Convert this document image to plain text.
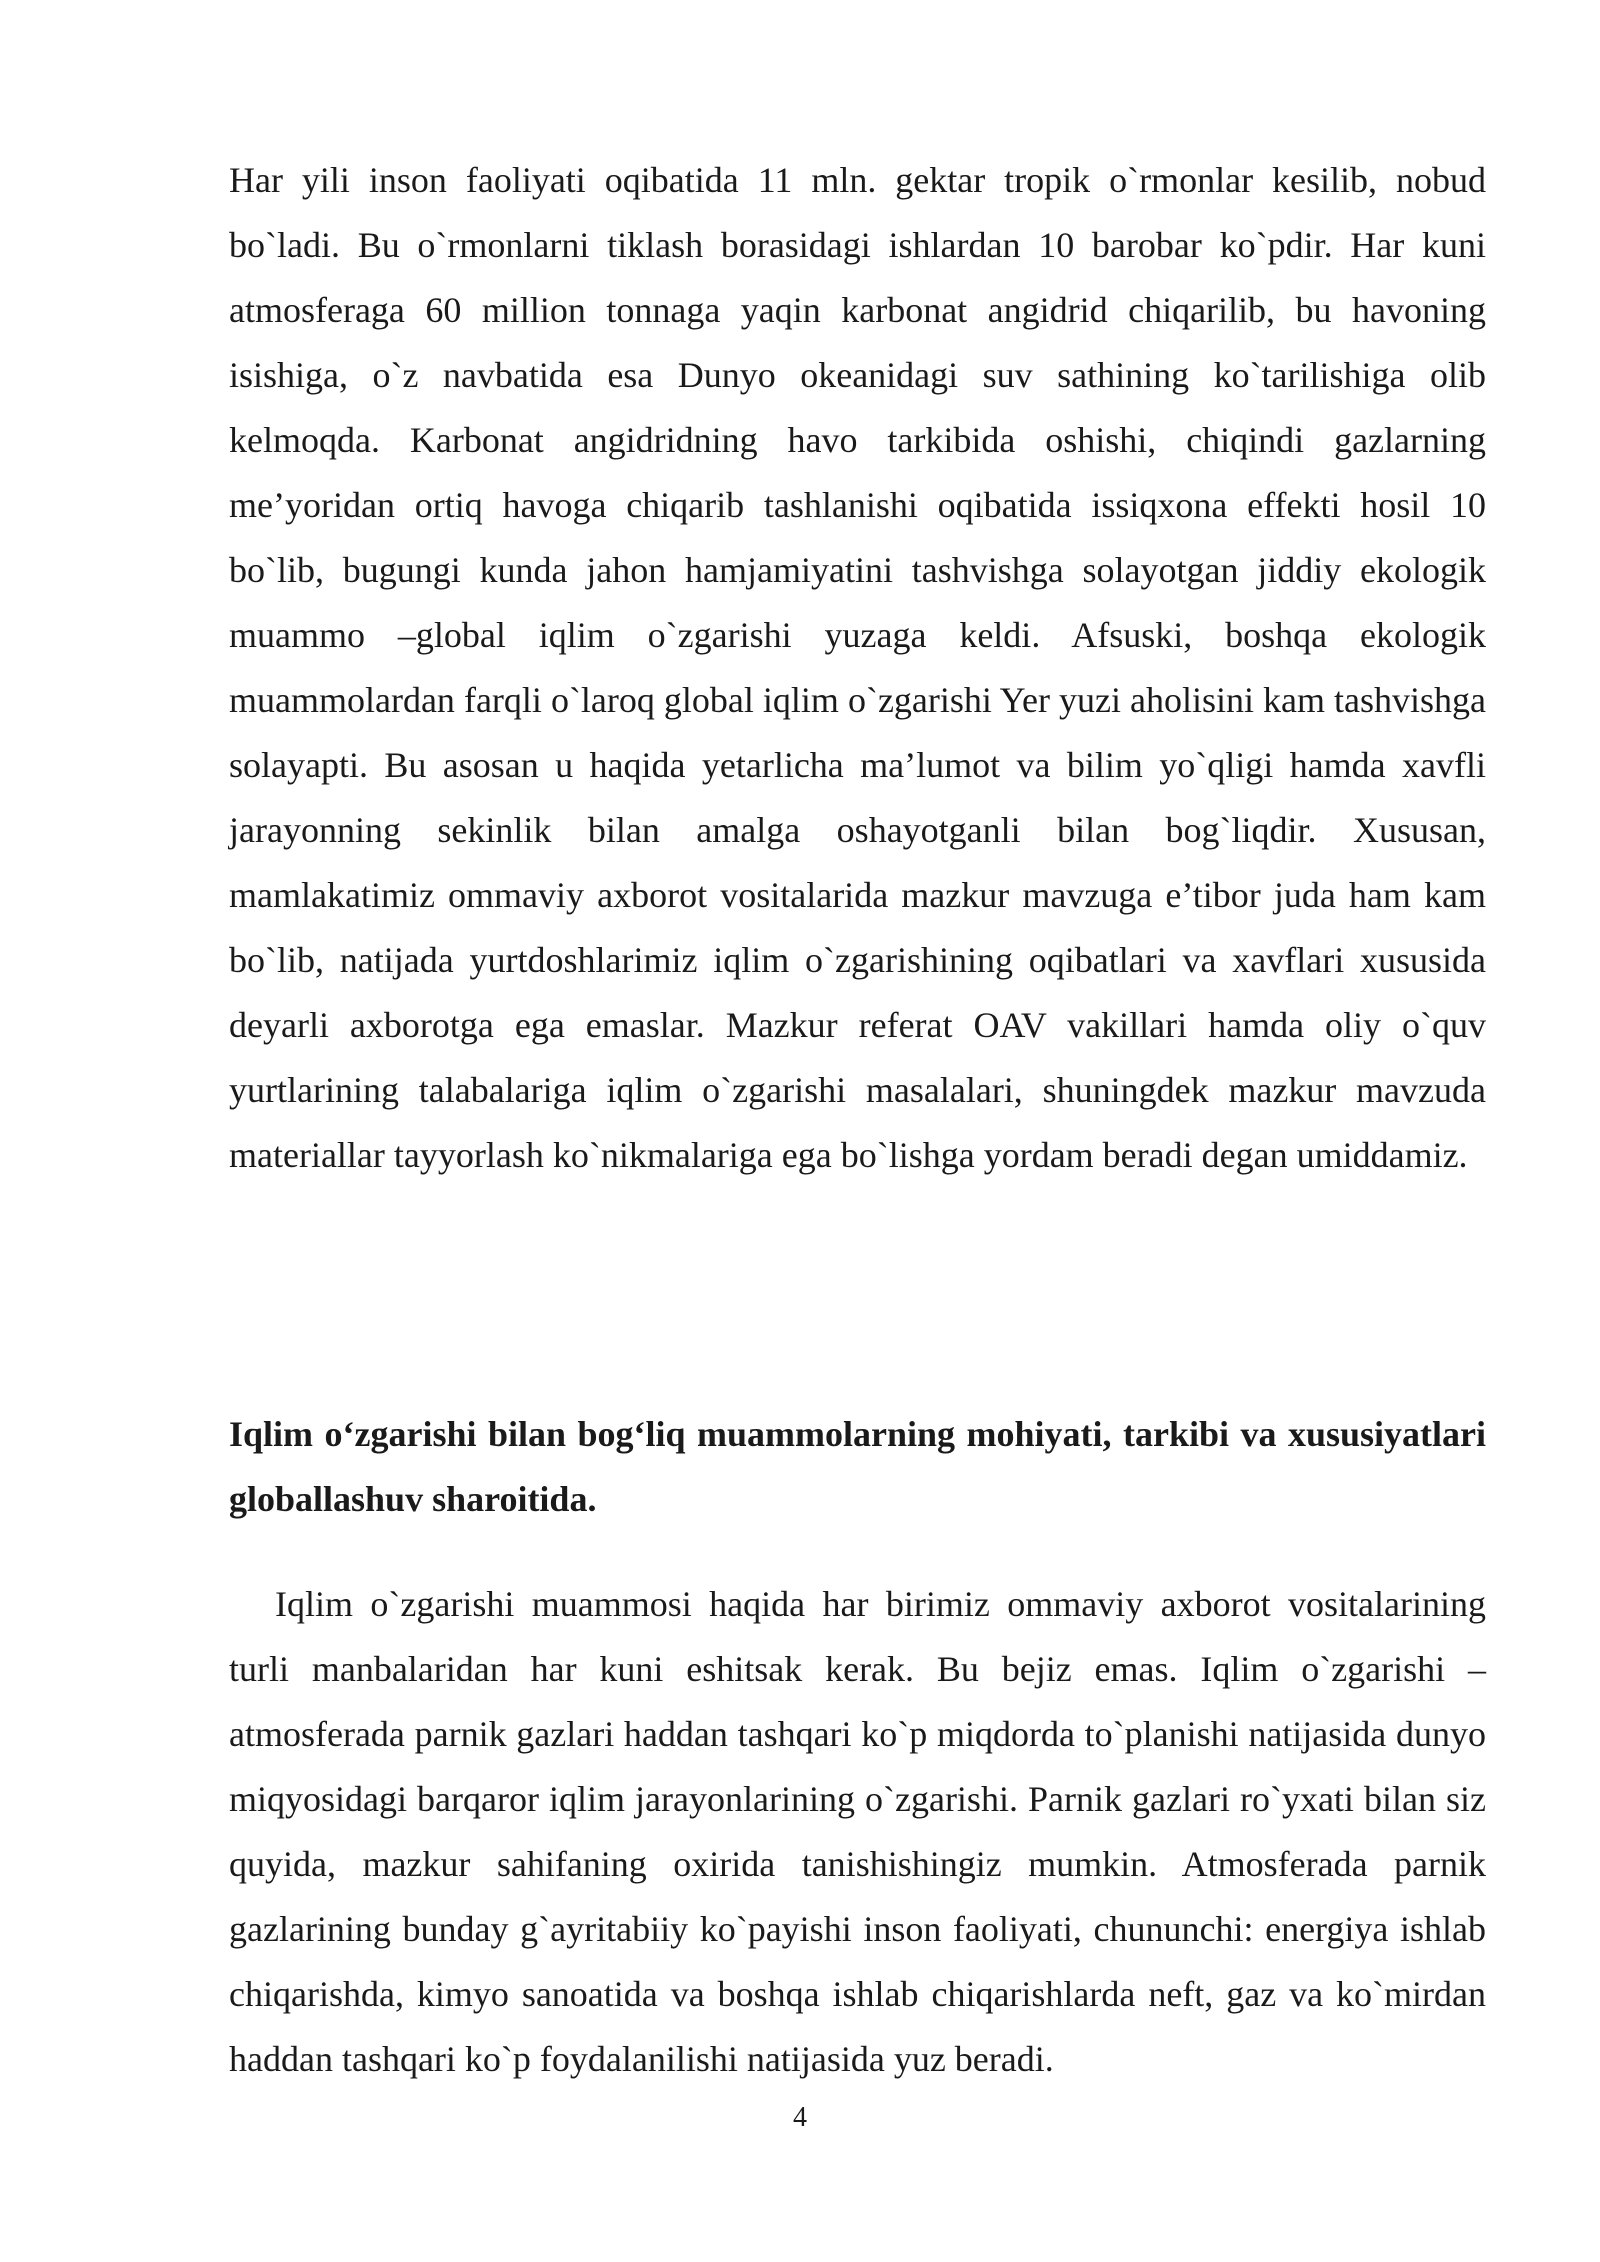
Har yili inson faoliyati oqibatida 11 mln. gektar tropik o`rmonlar kesilib, nobud bo`ladi. Bu o`rmonlarni tiklash borasidagi ishlardan 10 barobar ko`pdir. Har kuni atmosferaga 60 million tonnaga yaqin karbonat angidrid chiqarilib, bu havoning isishiga, o`z navbatida esa Dunyo okeanidagi suv sathining ko`tarilishiga olib kelmoqda. Karbonat angidridning havo tarkibida oshishi, chiqindi gazlarning me’yoridan ortiq havoga chiqarib tashlanishi oqibatida issiqxona effekti hosil 10 bo`lib, bugungi kunda jahon hamjamiyatini tashvishga solayotgan jiddiy ekologik muammo –global iqlim o`zgarishi yuzaga keldi. Afsuski, boshqa ekologik muammolardan farqli o`laroq global iqlim o`zgarishi Yer yuzi aholisini kam tashvishga solayapti. Bu asosan u haqida yetarlicha ma’lumot va bilim yo`qligi hamda xavfli jarayonning sekinlik bilan amalga oshayotganli bilan bog`liqdir. Xususan, mamlakatimiz ommaviy axborot vositalarida mazkur mavzuga e’tibor juda ham kam bo`lib, natijada yurtdoshlarimiz iqlim o`zgarishining oqibatlari va xavflari xususida deyarli axborotga ega emaslar. Mazkur referat OAV vakillari hamda oliy o`quv yurtlarining talabalariga iqlim o`zgarishi masalalari, shuningdek mazkur mavzuda materiallar tayyorlash ko`nikmalariga ega bo`lishga yordam beradi degan umiddamiz.

Iqlim o‘zgarishi bilan bog‘liq muammolarning mohiyati, tarkibi va xususiyatlari globallashuv sharoitida.

Iqlim o`zgarishi muammosi haqida har birimiz ommaviy axborot vositalarining turli manbalaridan har kuni eshitsak kerak. Bu bejiz emas. Iqlim o`zgarishi – atmosferada parnik gazlari haddan tashqari ko`p miqdorda to`planishi natijasida dunyo miqyosidagi barqaror iqlim jarayonlarining o`zgarishi. Parnik gazlari ro`yxati bilan siz quyida, mazkur sahifaning oxirida tanishishingiz mumkin. Atmosferada parnik gazlarining bunday g`ayritabiiy ko`payishi inson faoliyati, chununchi: energiya ishlab chiqarishda, kimyo sanoatida va boshqa ishlab chiqarishlarda neft, gaz va ko`mirdan haddan tashqari ko`p foydalanilishi natijasida yuz beradi.

4
